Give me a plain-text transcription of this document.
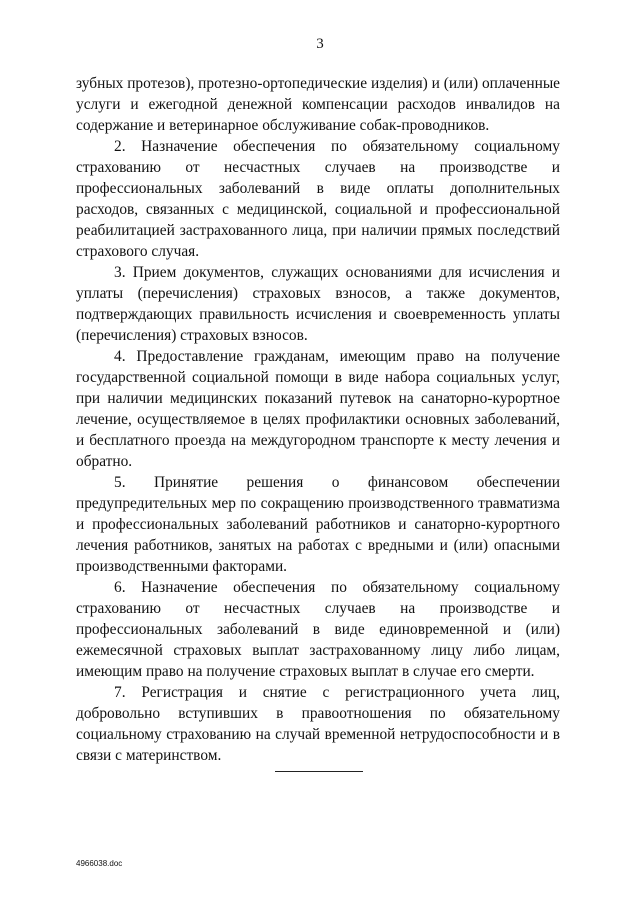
3

зубных протезов), протезно-ортопедические изделия) и (или) оплаченные услуги и ежегодной денежной компенсации расходов инвалидов на содержание и ветеринарное обслуживание собак-проводников.

2. Назначение обеспечения по обязательному социальному страхованию от несчастных случаев на производстве и профессиональных заболеваний в виде оплаты дополнительных расходов, связанных с медицинской, социальной и профессиональной реабилитацией застрахованного лица, при наличии прямых последствий страхового случая.

3. Прием документов, служащих основаниями для исчисления и уплаты (перечисления) страховых взносов, а также документов, подтверждающих правильность исчисления и своевременность уплаты (перечисления) страховых взносов.

4. Предоставление гражданам, имеющим право на получение государственной социальной помощи в виде набора социальных услуг, при наличии медицинских показаний путевок на санаторно-курортное лечение, осуществляемое в целях профилактики основных заболеваний, и бесплатного проезда на междугородном транспорте к месту лечения и обратно.

5. Принятие решения о финансовом обеспечении предупредительных мер по сокращению производственного травматизма и профессиональных заболеваний работников и санаторно-курортного лечения работников, занятых на работах с вредными и (или) опасными производственными факторами.

6. Назначение обеспечения по обязательному социальному страхованию от несчастных случаев на производстве и профессиональных заболеваний в виде единовременной и (или) ежемесячной страховых выплат застрахованному лицу либо лицам, имеющим право на получение страховых выплат в случае его смерти.

7. Регистрация и снятие с регистрационного учета лиц, добровольно вступивших в правоотношения по обязательному социальному страхованию на случай временной нетрудоспособности и в связи с материнством.

4966038.doc
